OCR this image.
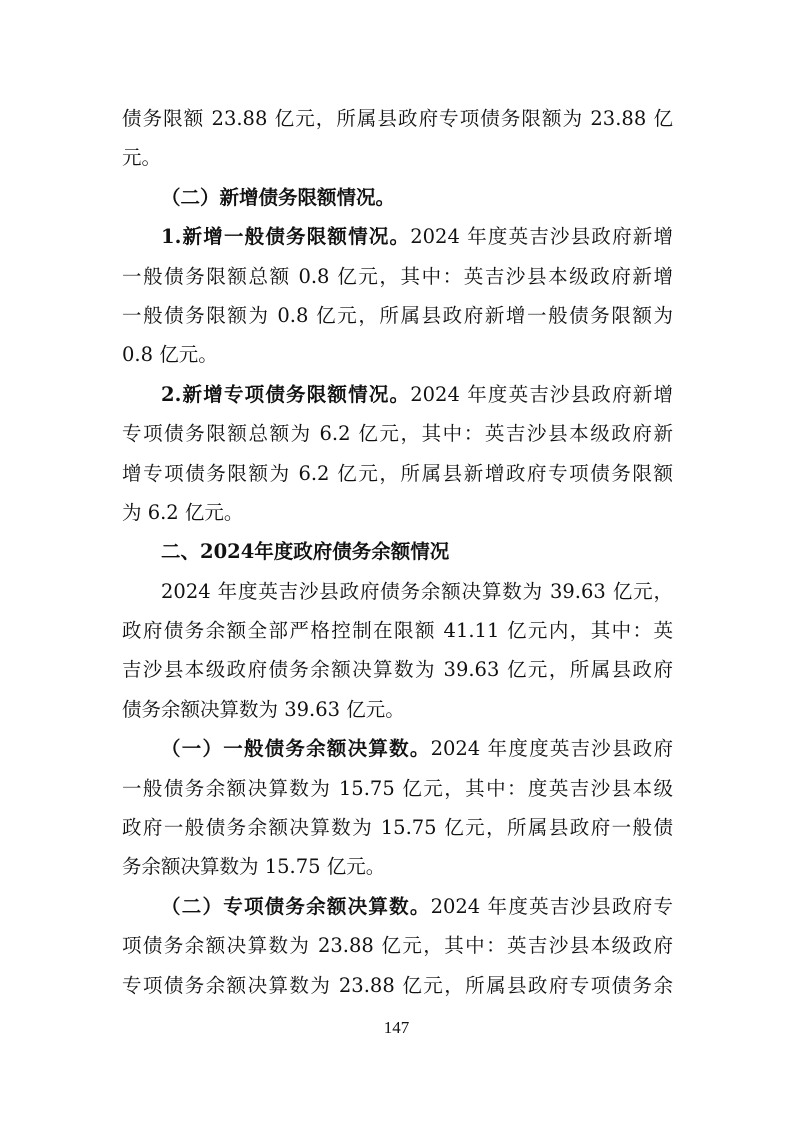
债务限额 23.88 亿元，所属县政府专项债务限额为 23.88 亿
元。
（二）新增债务限额情况。
1.新增一般债务限额情况。2024 年度英吉沙县政府新增
一般债务限额总额 0.8 亿元，其中：英吉沙县本级政府新增
一般债务限额为 0.8 亿元，所属县政府新增一般债务限额为
0.8 亿元。
2.新增专项债务限额情况。2024 年度英吉沙县政府新增
专项债务限额总额为 6.2 亿元，其中：英吉沙县本级政府新
增专项债务限额为 6.2 亿元，所属县新增政府专项债务限额
为 6.2 亿元。
二、2024年度政府债务余额情况
2024 年度英吉沙县政府债务余额决算数为 39.63 亿元，
政府债务余额全部严格控制在限额 41.11 亿元内，其中：英
吉沙县本级政府债务余额决算数为 39.63 亿元，所属县政府
债务余额决算数为 39.63 亿元。
（一）一般债务余额决算数。2024 年度度英吉沙县政府
一般债务余额决算数为 15.75 亿元，其中：度英吉沙县本级
政府一般债务余额决算数为 15.75 亿元，所属县政府一般债
务余额决算数为 15.75 亿元。
（二）专项债务余额决算数。2024 年度英吉沙县政府专
项债务余额决算数为 23.88 亿元，其中：英吉沙县本级政府
专项债务余额决算数为 23.88 亿元，所属县政府专项债务余
147
